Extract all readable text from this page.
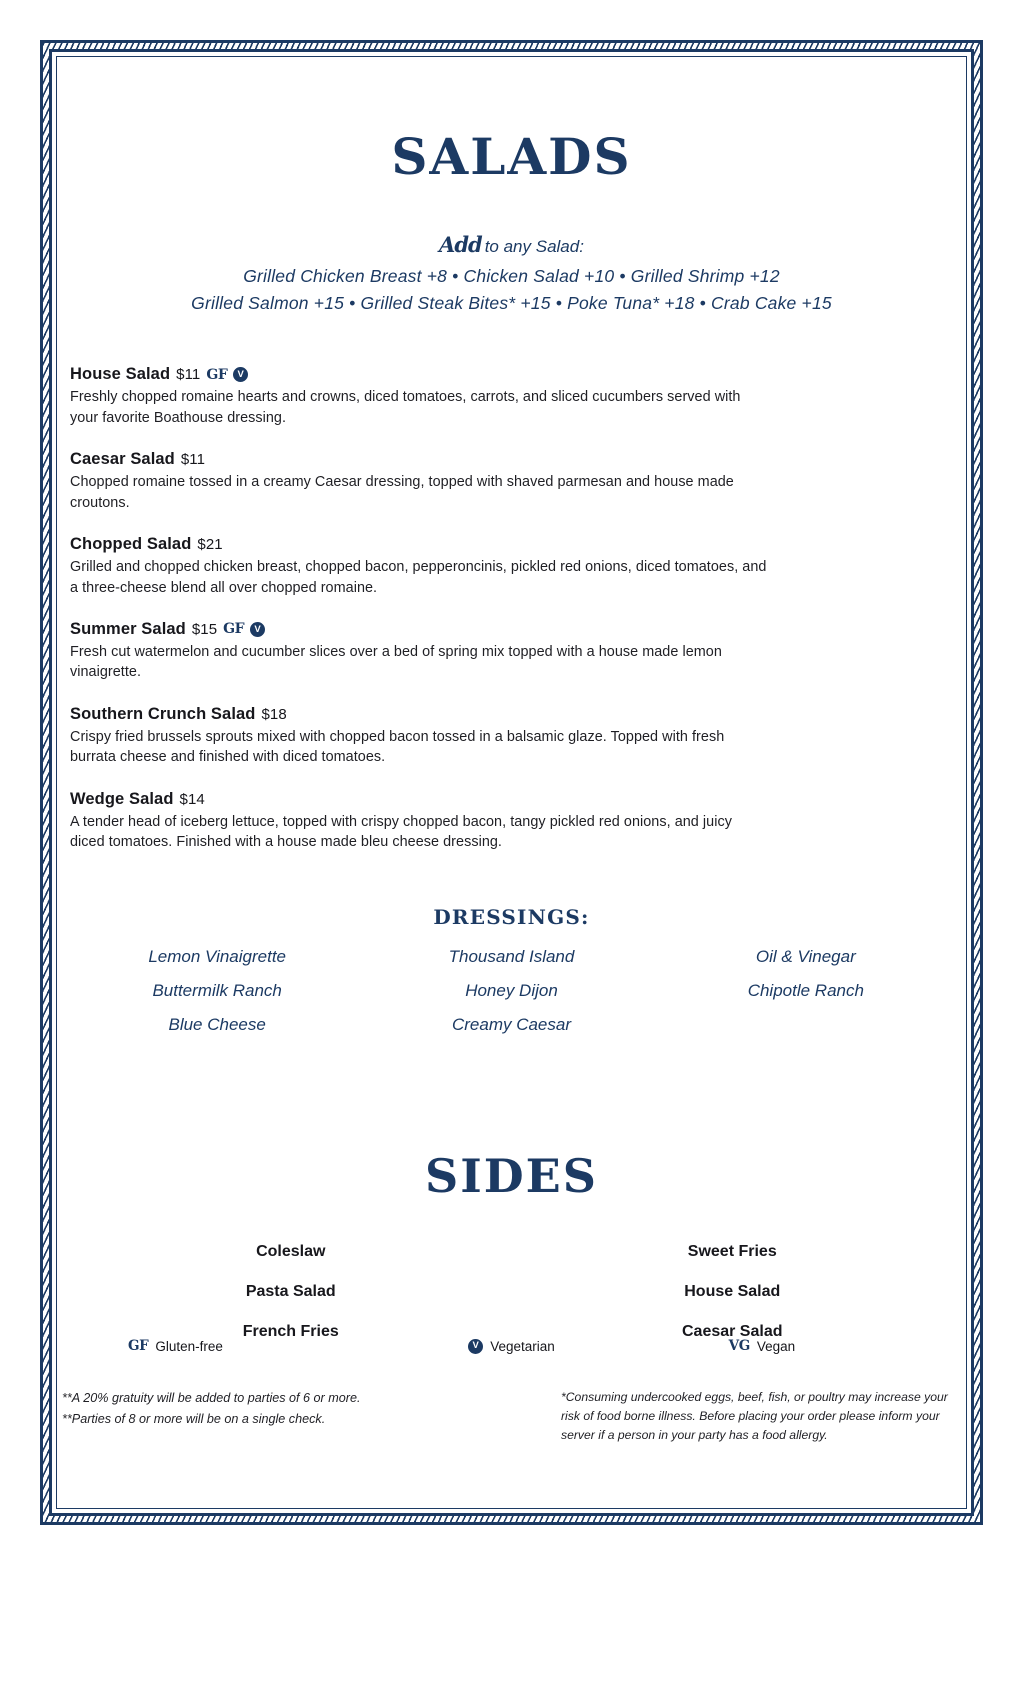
SALADS
Add to any Salad:
Grilled Chicken Breast +8 • Chicken Salad +10 • Grilled Shrimp +12
Grilled Salmon +15 • Grilled Steak Bites* +15 • Poke Tuna* +18 • Crab Cake +15
House Salad $11 GF	V
Freshly chopped romaine hearts and crowns, diced tomatoes, carrots, and sliced cucumbers served with your favorite Boathouse dressing.
Caesar Salad $11
Chopped romaine tossed in a creamy Caesar dressing, topped with shaved parmesan and house made croutons.
Chopped Salad $21
Grilled and chopped chicken breast, chopped bacon, pepperoncinis, pickled red onions, diced tomatoes, and a three-cheese blend all over chopped romaine.
Summer Salad $15 GF	V
Fresh cut watermelon and cucumber slices over a bed of spring mix topped with a house made lemon vinaigrette.
Southern Crunch Salad $18
Crispy fried brussels sprouts mixed with chopped bacon tossed in a balsamic glaze. Topped with fresh burrata cheese and finished with diced tomatoes.
Wedge Salad $14
A tender head of iceberg lettuce, topped with crispy chopped bacon, tangy pickled red onions, and juicy diced tomatoes. Finished with a house made bleu cheese dressing.
DRESSINGS:
Lemon Vinaigrette	Thousand Island	Oil & Vinegar
Buttermilk Ranch	Honey Dijon	Chipotle Ranch
Blue Cheese	Creamy Caesar
SIDES
Coleslaw	Sweet Fries
Pasta Salad	House Salad
French Fries	Caesar Salad
GF Gluten-free	V Vegetarian	VG Vegan
**A 20% gratuity will be added to parties of 6 or more.
**Parties of 8 or more will be on a single check.
*Consuming undercooked eggs, beef, fish, or poultry may increase your risk of food borne illness. Before placing your order please inform your server if a person in your party has a food allergy.
